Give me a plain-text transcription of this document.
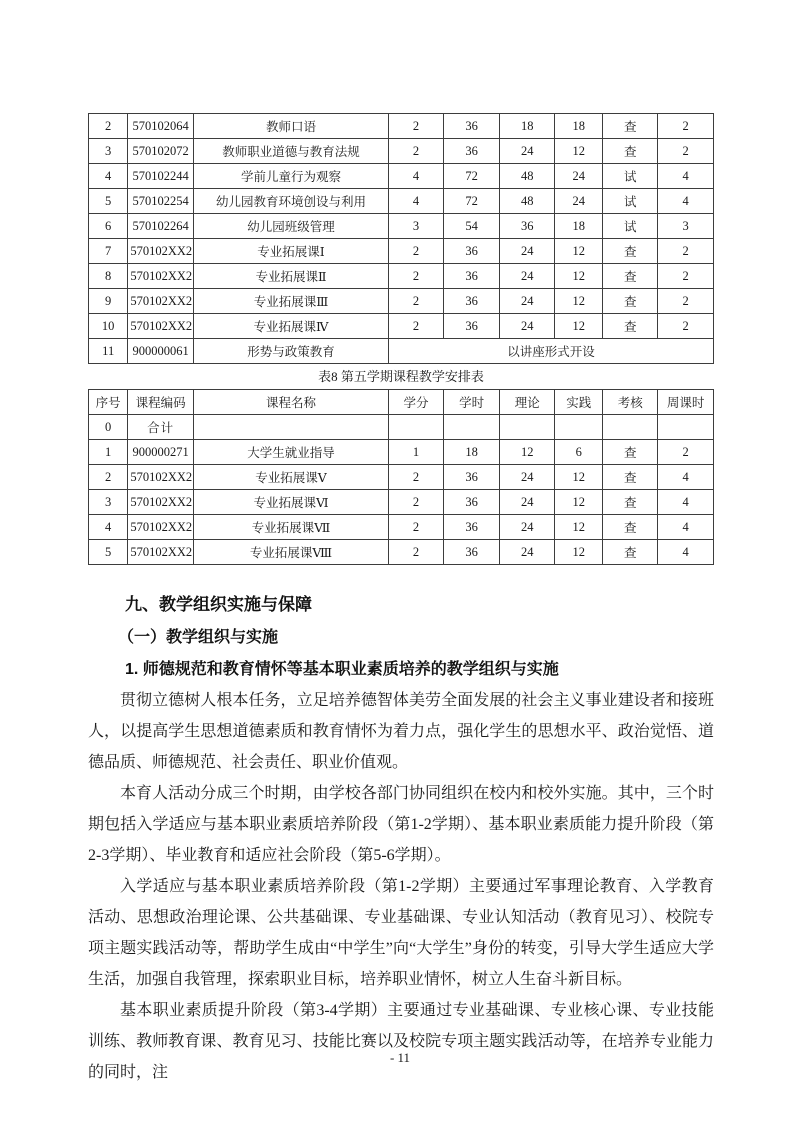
2	570102064	教师口语	2	36	18	18	查	2
3	570102072	教师职业道德与教育法规	2	36	24	12	查	2
4	570102244	学前儿童行为观察	4	72	48	24	试	4
5	570102254	幼儿园教育环境创设与利用	4	72	48	24	试	4
6	570102264	幼儿园班级管理	3	54	36	18	试	3
7	570102XX2	专业拓展课Ⅰ	2	36	24	12	查	2
8	570102XX2	专业拓展课Ⅱ	2	36	24	12	查	2
9	570102XX2	专业拓展课Ⅲ	2	36	24	12	查	2
10	570102XX2	专业拓展课Ⅳ	2	36	24	12	查	2
11	900000061	形势与政策教育	以讲座形式开设					
表8 第五学期课程教学安排表
序号	课程编码	课程名称	学分	学时	理论	实践	考核	周课时
0	合计							
1	900000271	大学生就业指导	1	18	12	6	查	2
2	570102XX2	专业拓展课Ⅴ	2	36	24	12	查	4
3	570102XX2	专业拓展课Ⅵ	2	36	24	12	查	4
4	570102XX2	专业拓展课Ⅶ	2	36	24	12	查	4
5	570102XX2	专业拓展课Ⅷ	2	36	24	12	查	4
九、教学组织实施与保障
（一）教学组织与实施
1. 师德规范和教育情怀等基本职业素质培养的教学组织与实施

贯彻立德树人根本任务，立足培养德智体美劳全面发展的社会主义事业建设者和接班人，以提高学生思想道德素质和教育情怀为着力点，强化学生的思想水平、政治觉悟、道德品质、师德规范、社会责任、职业价值观。

本育人活动分成三个时期，由学校各部门协同组织在校内和校外实施。其中，三个时期包括入学适应与基本职业素质培养阶段（第1-2学期）、基本职业素质能力提升阶段（第2-3学期）、毕业教育和适应社会阶段（第5-6学期）。

入学适应与基本职业素质培养阶段（第1-2学期）主要通过军事理论教育、入学教育活动、思想政治理论课、公共基础课、专业基础课、专业认知活动（教育见习）、校院专项主题实践活动等，帮助学生成由“中学生”向“大学生”身份的转变，引导大学生适应大学生活，加强自我管理，探索职业目标，培养职业情怀，树立人生奋斗新目标。

基本职业素质提升阶段（第3-4学期）主要通过专业基础课、专业核心课、专业技能训练、教师教育课、教育见习、技能比赛以及校院专项主题实践活动等，在培养专业能力的同时，注

- 11
